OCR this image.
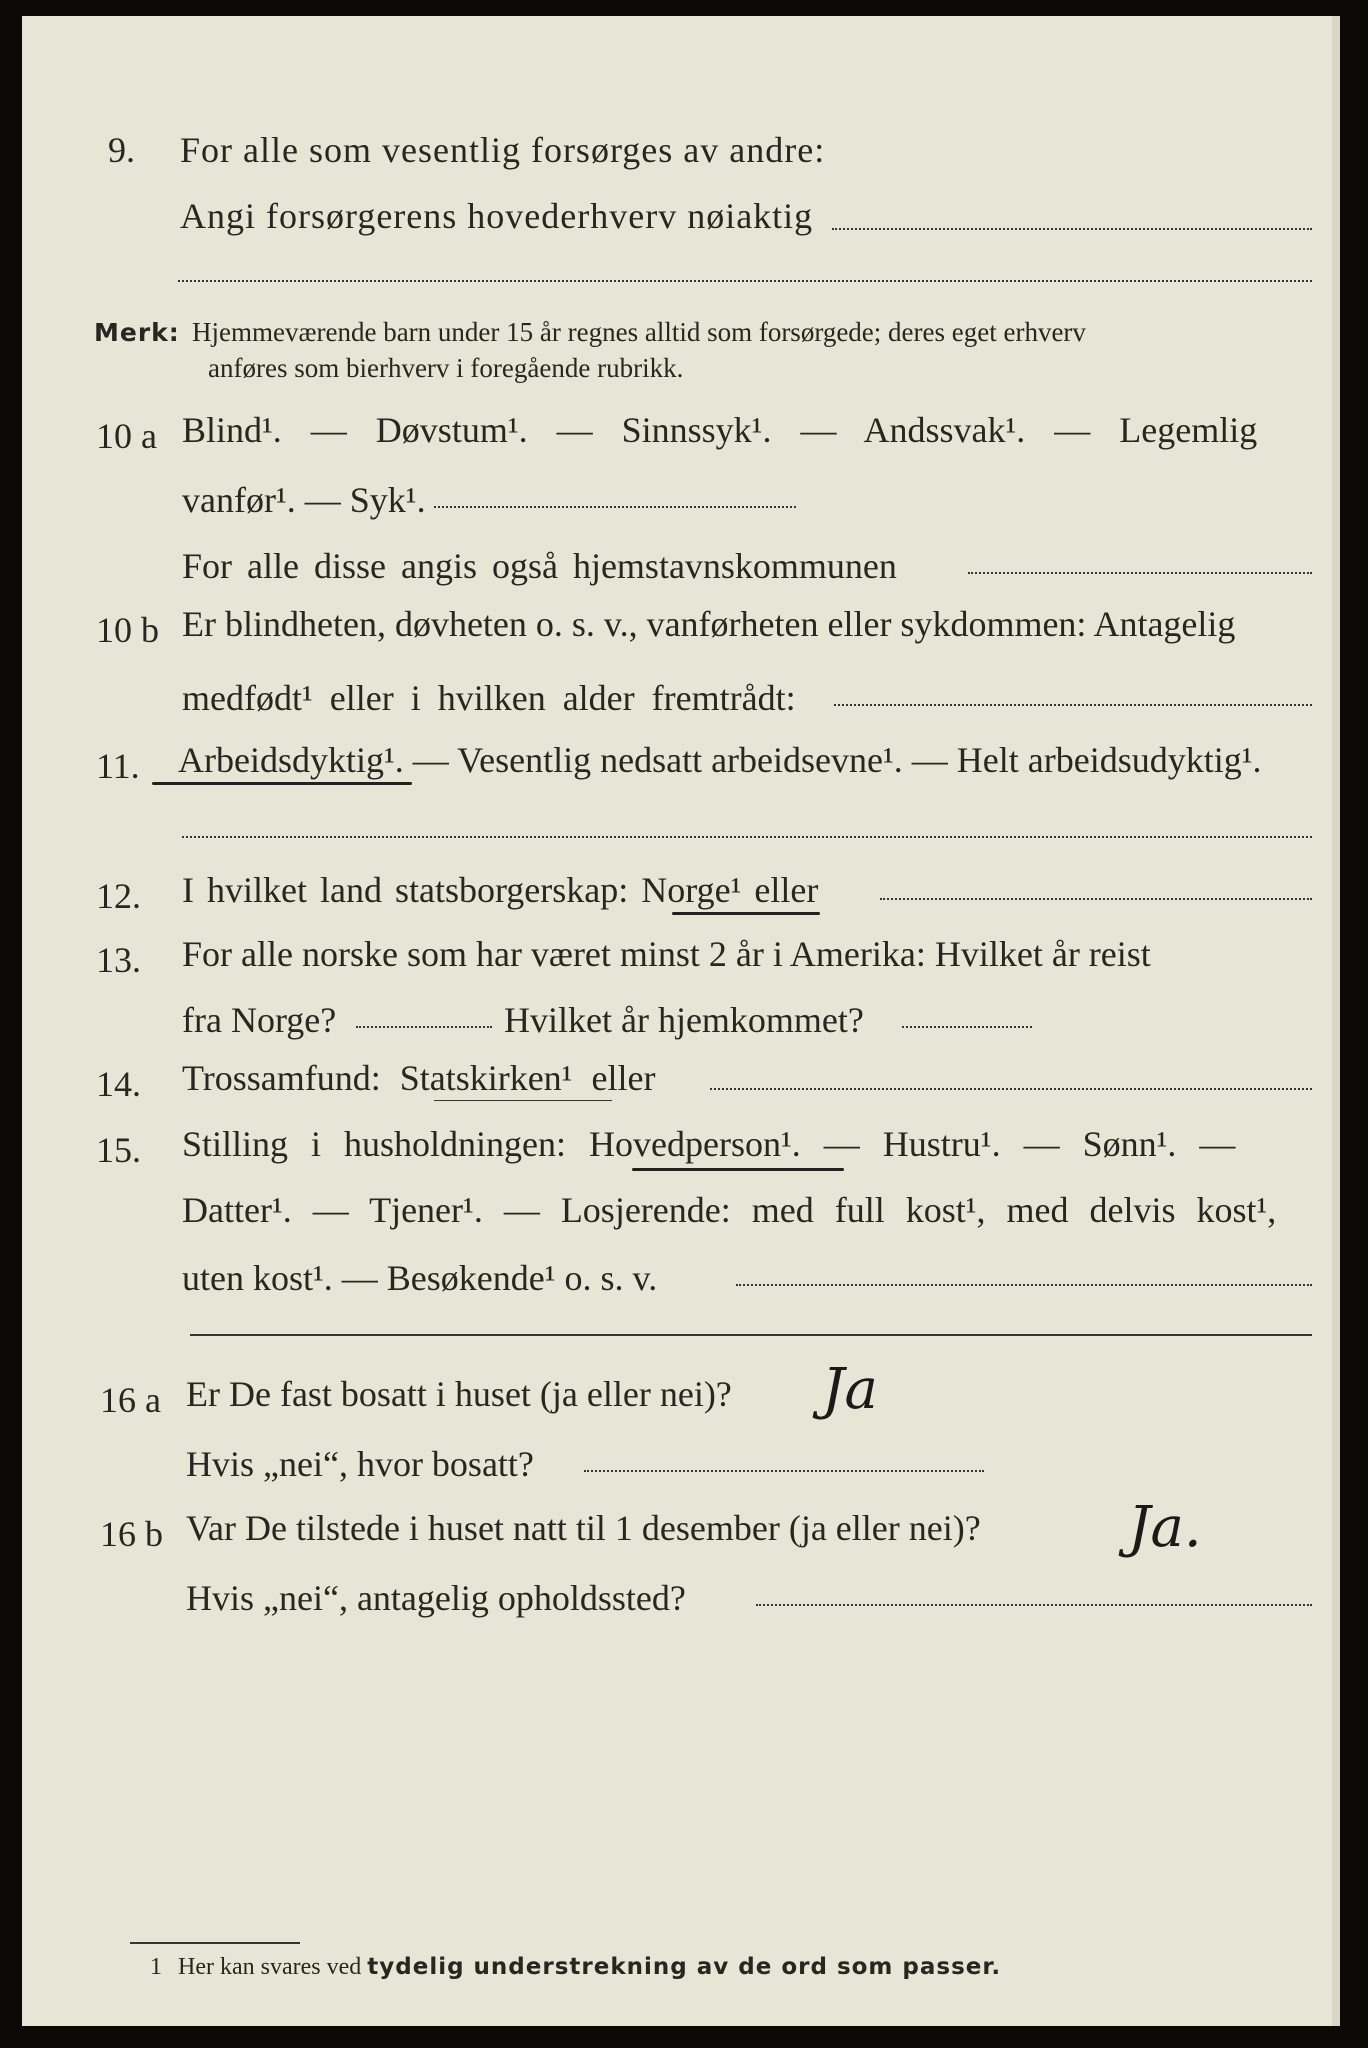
9. For alle som vesentlig forsørges av andre:
Angi forsørgerens hovederhverv nøiaktig
Merk: Hjemmeværende barn under 15 år regnes alltid som forsørgede; deres eget erhverv
anføres som bierhverv i foregående rubrikk.
10 a Blind¹. — Døvstum¹. — Sinnssyk¹. — Andssvak¹. — Legemlig
vanfør¹. — Syk¹.
For alle disse angis også hjemstavnskommunen
10 b Er blindheten, døvheten o. s. v., vanførheten eller sykdommen: Antagelig
medfødt¹ eller i hvilken alder fremtrådt:
11. Arbeidsdyktig¹. — Vesentlig nedsatt arbeidsevne¹. — Helt arbeidsudyktig¹.
12. I hvilket land statsborgerskap: Norge¹ eller
13. For alle norske som har været minst 2 år i Amerika: Hvilket år reist
fra Norge?	Hvilket år hjemkommet?
14. Trossamfund: Statskirken¹ eller
15. Stilling i husholdningen: Hovedperson¹. — Hustru¹. — Sønn¹. —
Datter¹. — Tjener¹. — Losjerende: med full kost¹, med delvis kost¹,
uten kost¹. — Besøkende¹ o. s. v.
16 a Er De fast bosatt i huset (ja eller nei)? Ja
Hvis „nei“, hvor bosatt?
16 b Var De tilstede i huset natt til 1 desember (ja eller nei)?	Ja.
Hvis „nei“, antagelig opholdssted?
1 Her kan svares ved tydelig understrekning av de ord som passer.
